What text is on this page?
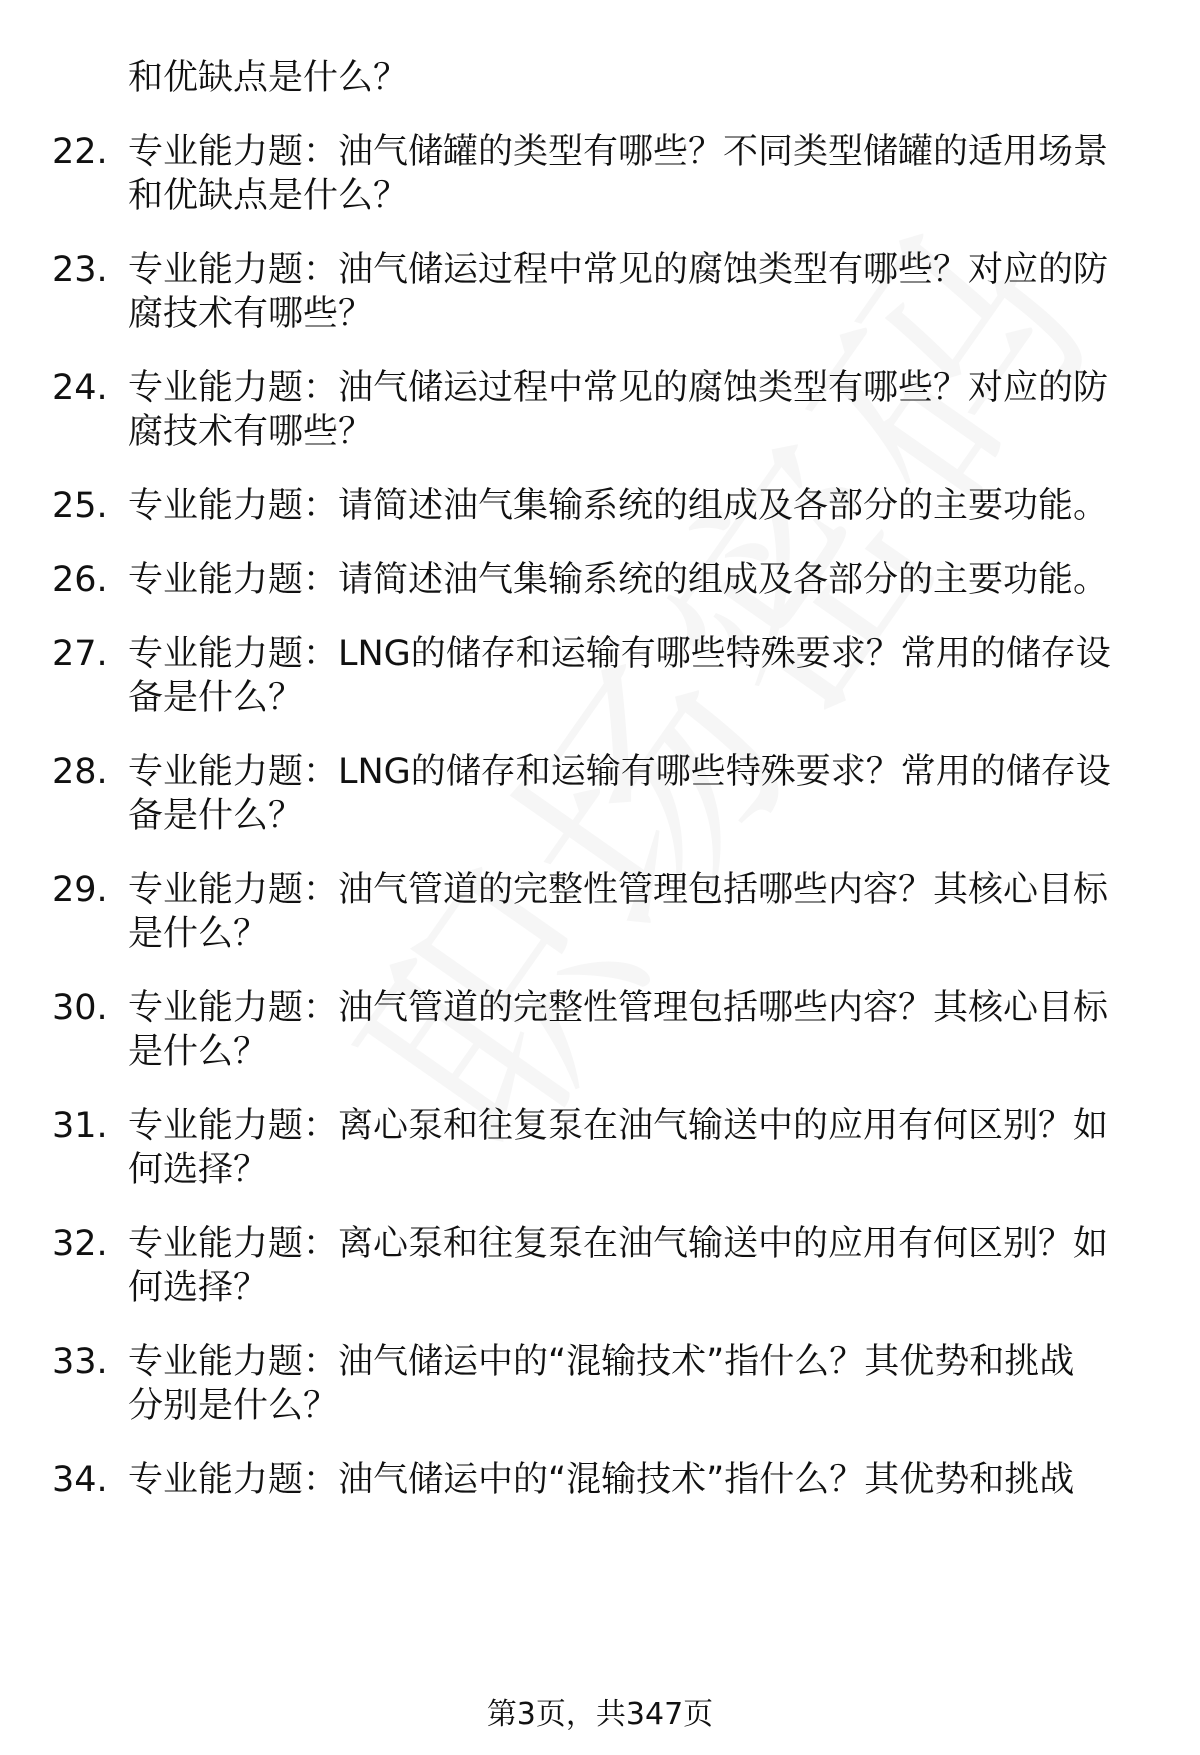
和优缺点是什么？
22. 专业能力题：油气储罐的类型有哪些？不同类型储罐的适用场景
和优缺点是什么？
23. 专业能力题：油气储运过程中常见的腐蚀类型有哪些？对应的防
腐技术有哪些？
24. 专业能力题：油气储运过程中常见的腐蚀类型有哪些？对应的防
腐技术有哪些？
25. 专业能力题：请简述油气集输系统的组成及各部分的主要功能。
26. 专业能力题：请简述油气集输系统的组成及各部分的主要功能。
27. 专业能力题：LNG的储存和运输有哪些特殊要求？常用的储存设
备是什么？
28. 专业能力题：LNG的储存和运输有哪些特殊要求？常用的储存设
备是什么？
29. 专业能力题：油气管道的完整性管理包括哪些内容？其核心目标
是什么？
30. 专业能力题：油气管道的完整性管理包括哪些内容？其核心目标
是什么？
31. 专业能力题：离心泵和往复泵在油气输送中的应用有何区别？如
何选择？
32. 专业能力题：离心泵和往复泵在油气输送中的应用有何区别？如
何选择？
33. 专业能力题：油气储运中的“混输技术”指什么？其优势和挑战
分别是什么？
34. 专业能力题：油气储运中的“混输技术”指什么？其优势和挑战
第3页，共347页
